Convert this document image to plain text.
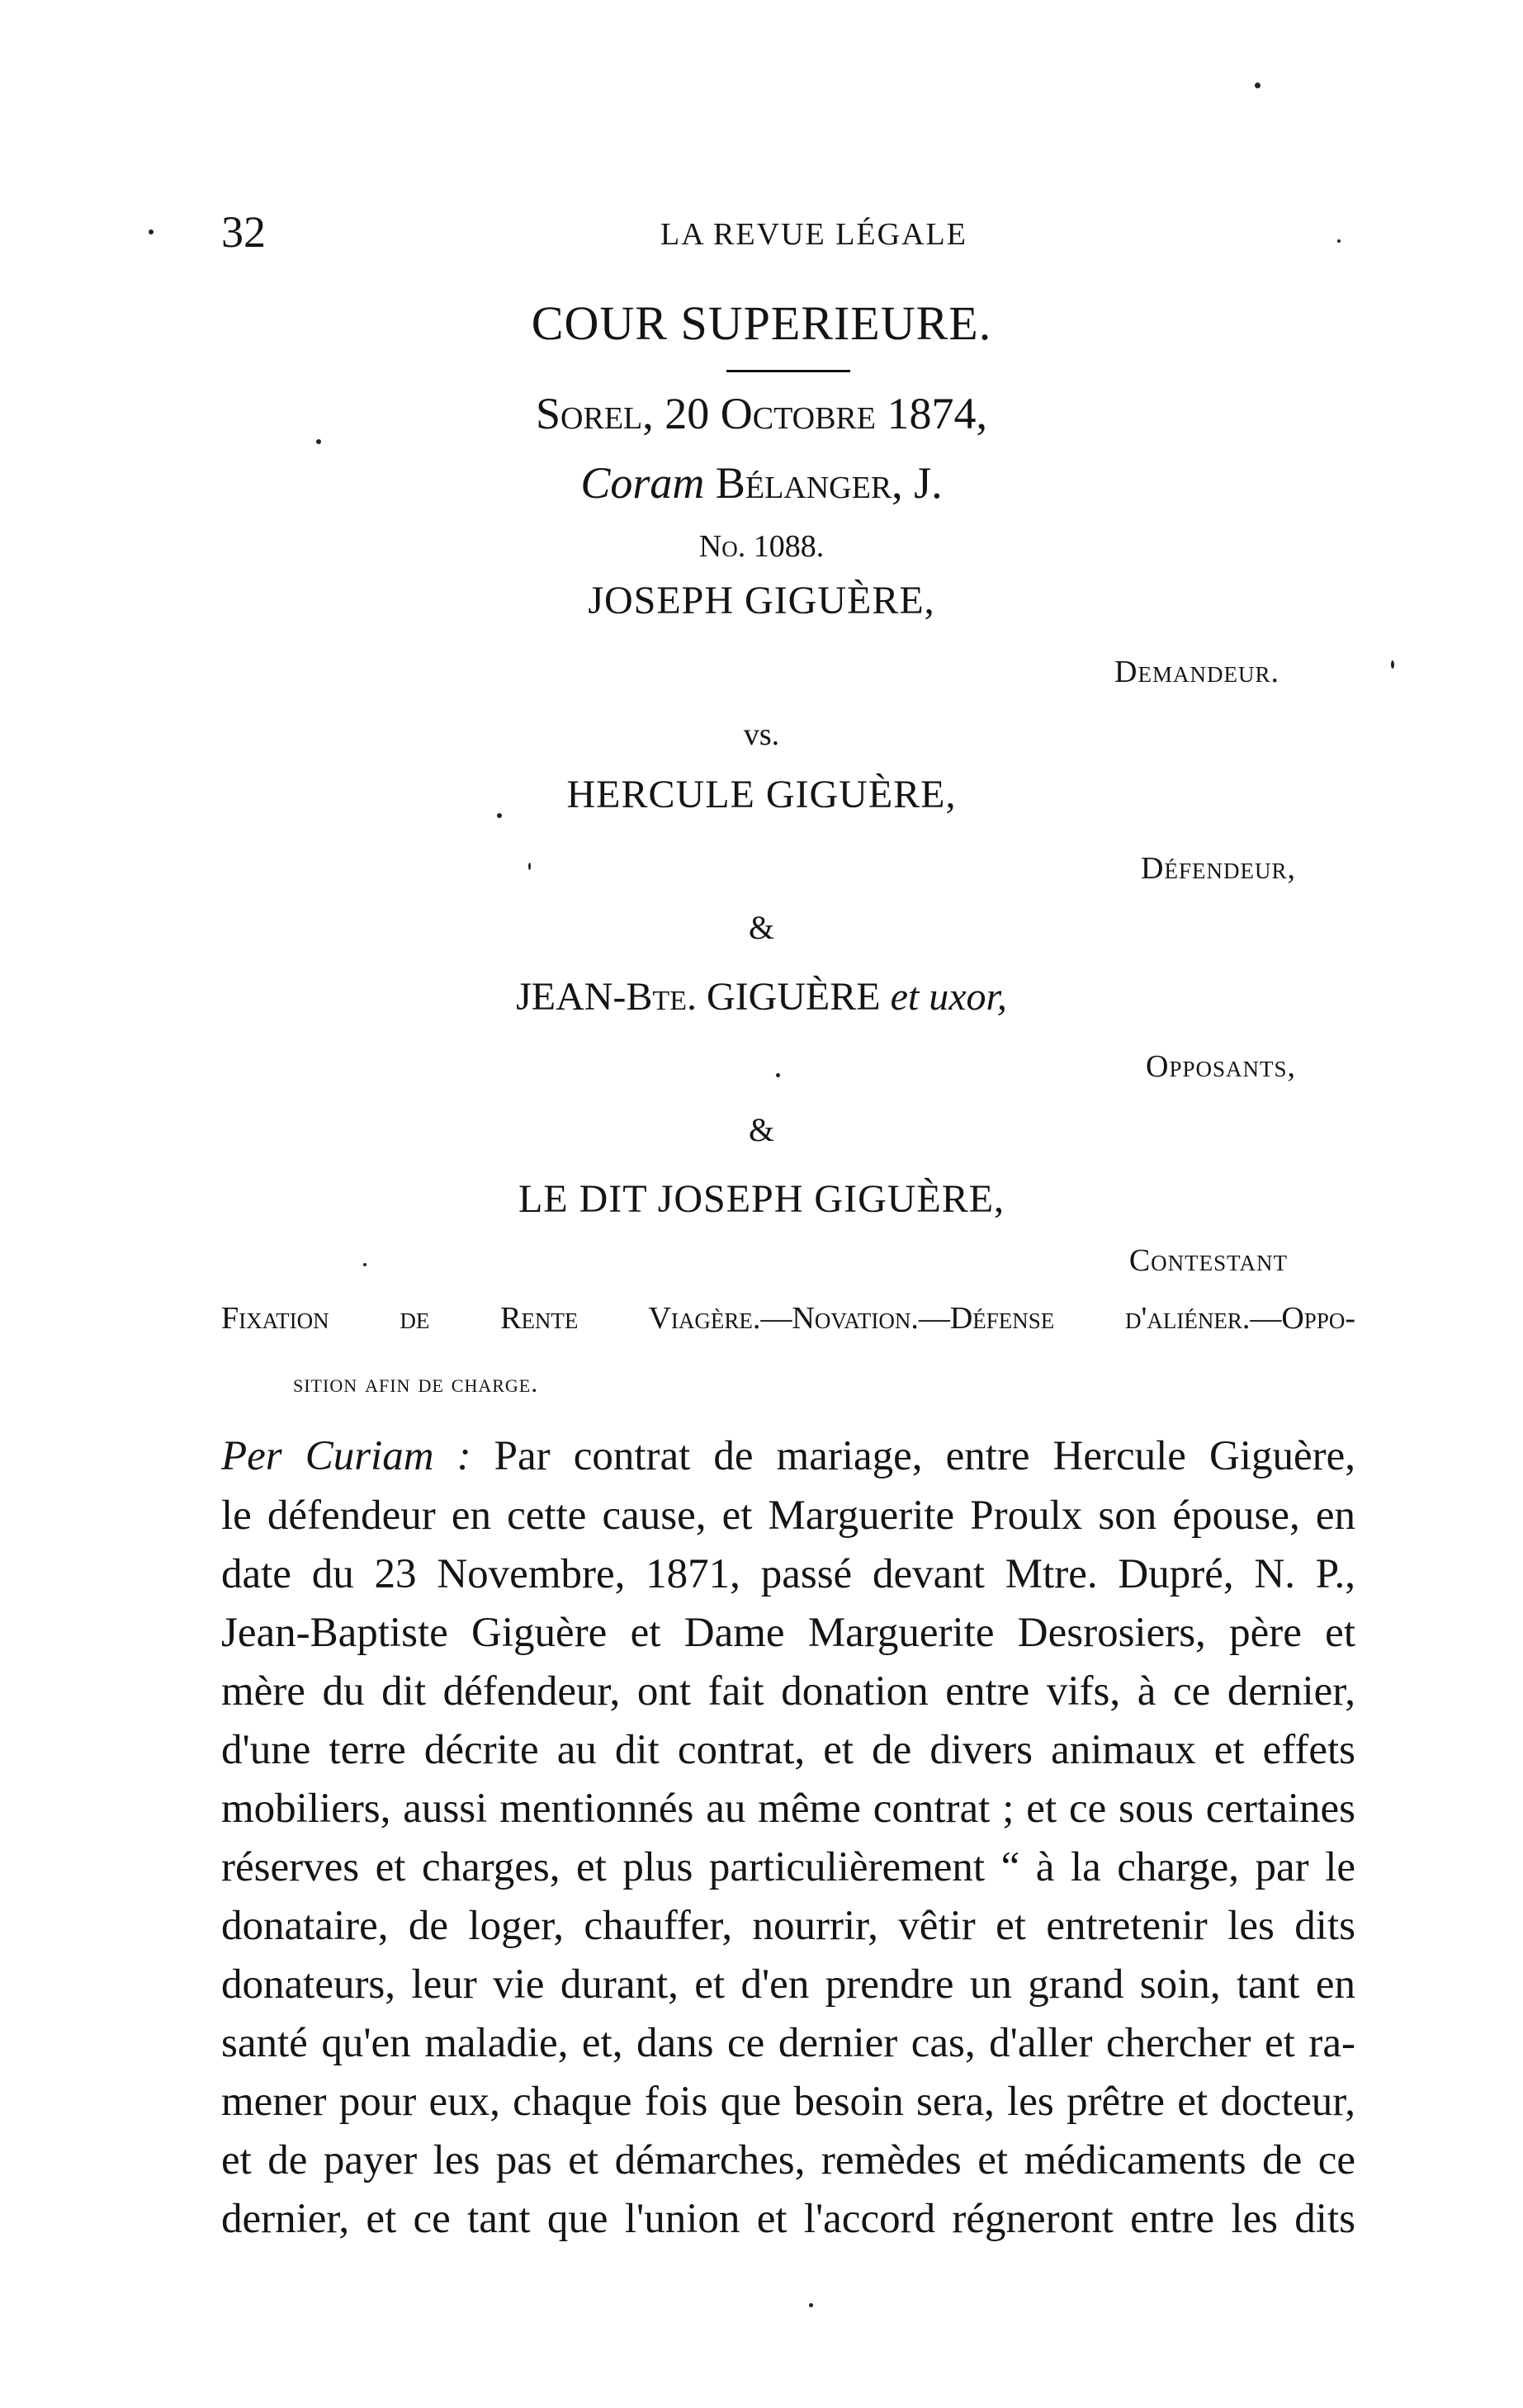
32	LA REVUE LÉGALE
COUR SUPERIEURE.
Sorel, 20 Octobre 1874,
Coram Bélanger, J.
No. 1088.
JOSEPH GIGUÈRE,
Demandeur.
vs.
HERCULE GIGUÈRE,
Défendeur,
&
JEAN-Bte. GIGUÈRE et uxor,
Opposants,
&
LE DIT JOSEPH GIGUÈRE,
Contestant
Fixation de Rente Viagère.—Novation.—Défense d'aliéner.—Oppo-
sition afin de charge.
Per Curiam : Par contrat de mariage, entre Hercule Giguère,
le défendeur en cette cause, et Marguerite Proulx son épouse, en
date du 23 Novembre, 1871, passé devant Mtre. Dupré, N. P.,
Jean-Baptiste Giguère et Dame Marguerite Desrosiers, père et
mère du dit défendeur, ont fait donation entre vifs, à ce dernier,
d'une terre décrite au dit contrat, et de divers animaux et effets
mobiliers, aussi mentionnés au même contrat ; et ce sous certaines
réserves et charges, et plus particulièrement “ à la charge, par le
donataire, de loger, chauffer, nourrir, vêtir et entretenir les dits
donateurs, leur vie durant, et d'en prendre un grand soin, tant en
santé qu'en maladie, et, dans ce dernier cas, d'aller chercher et ra-
mener pour eux, chaque fois que besoin sera, les prêtre et docteur,
et de payer les pas et démarches, remèdes et médicaments de ce
dernier, et ce tant que l'union et l'accord régneront entre les dits
